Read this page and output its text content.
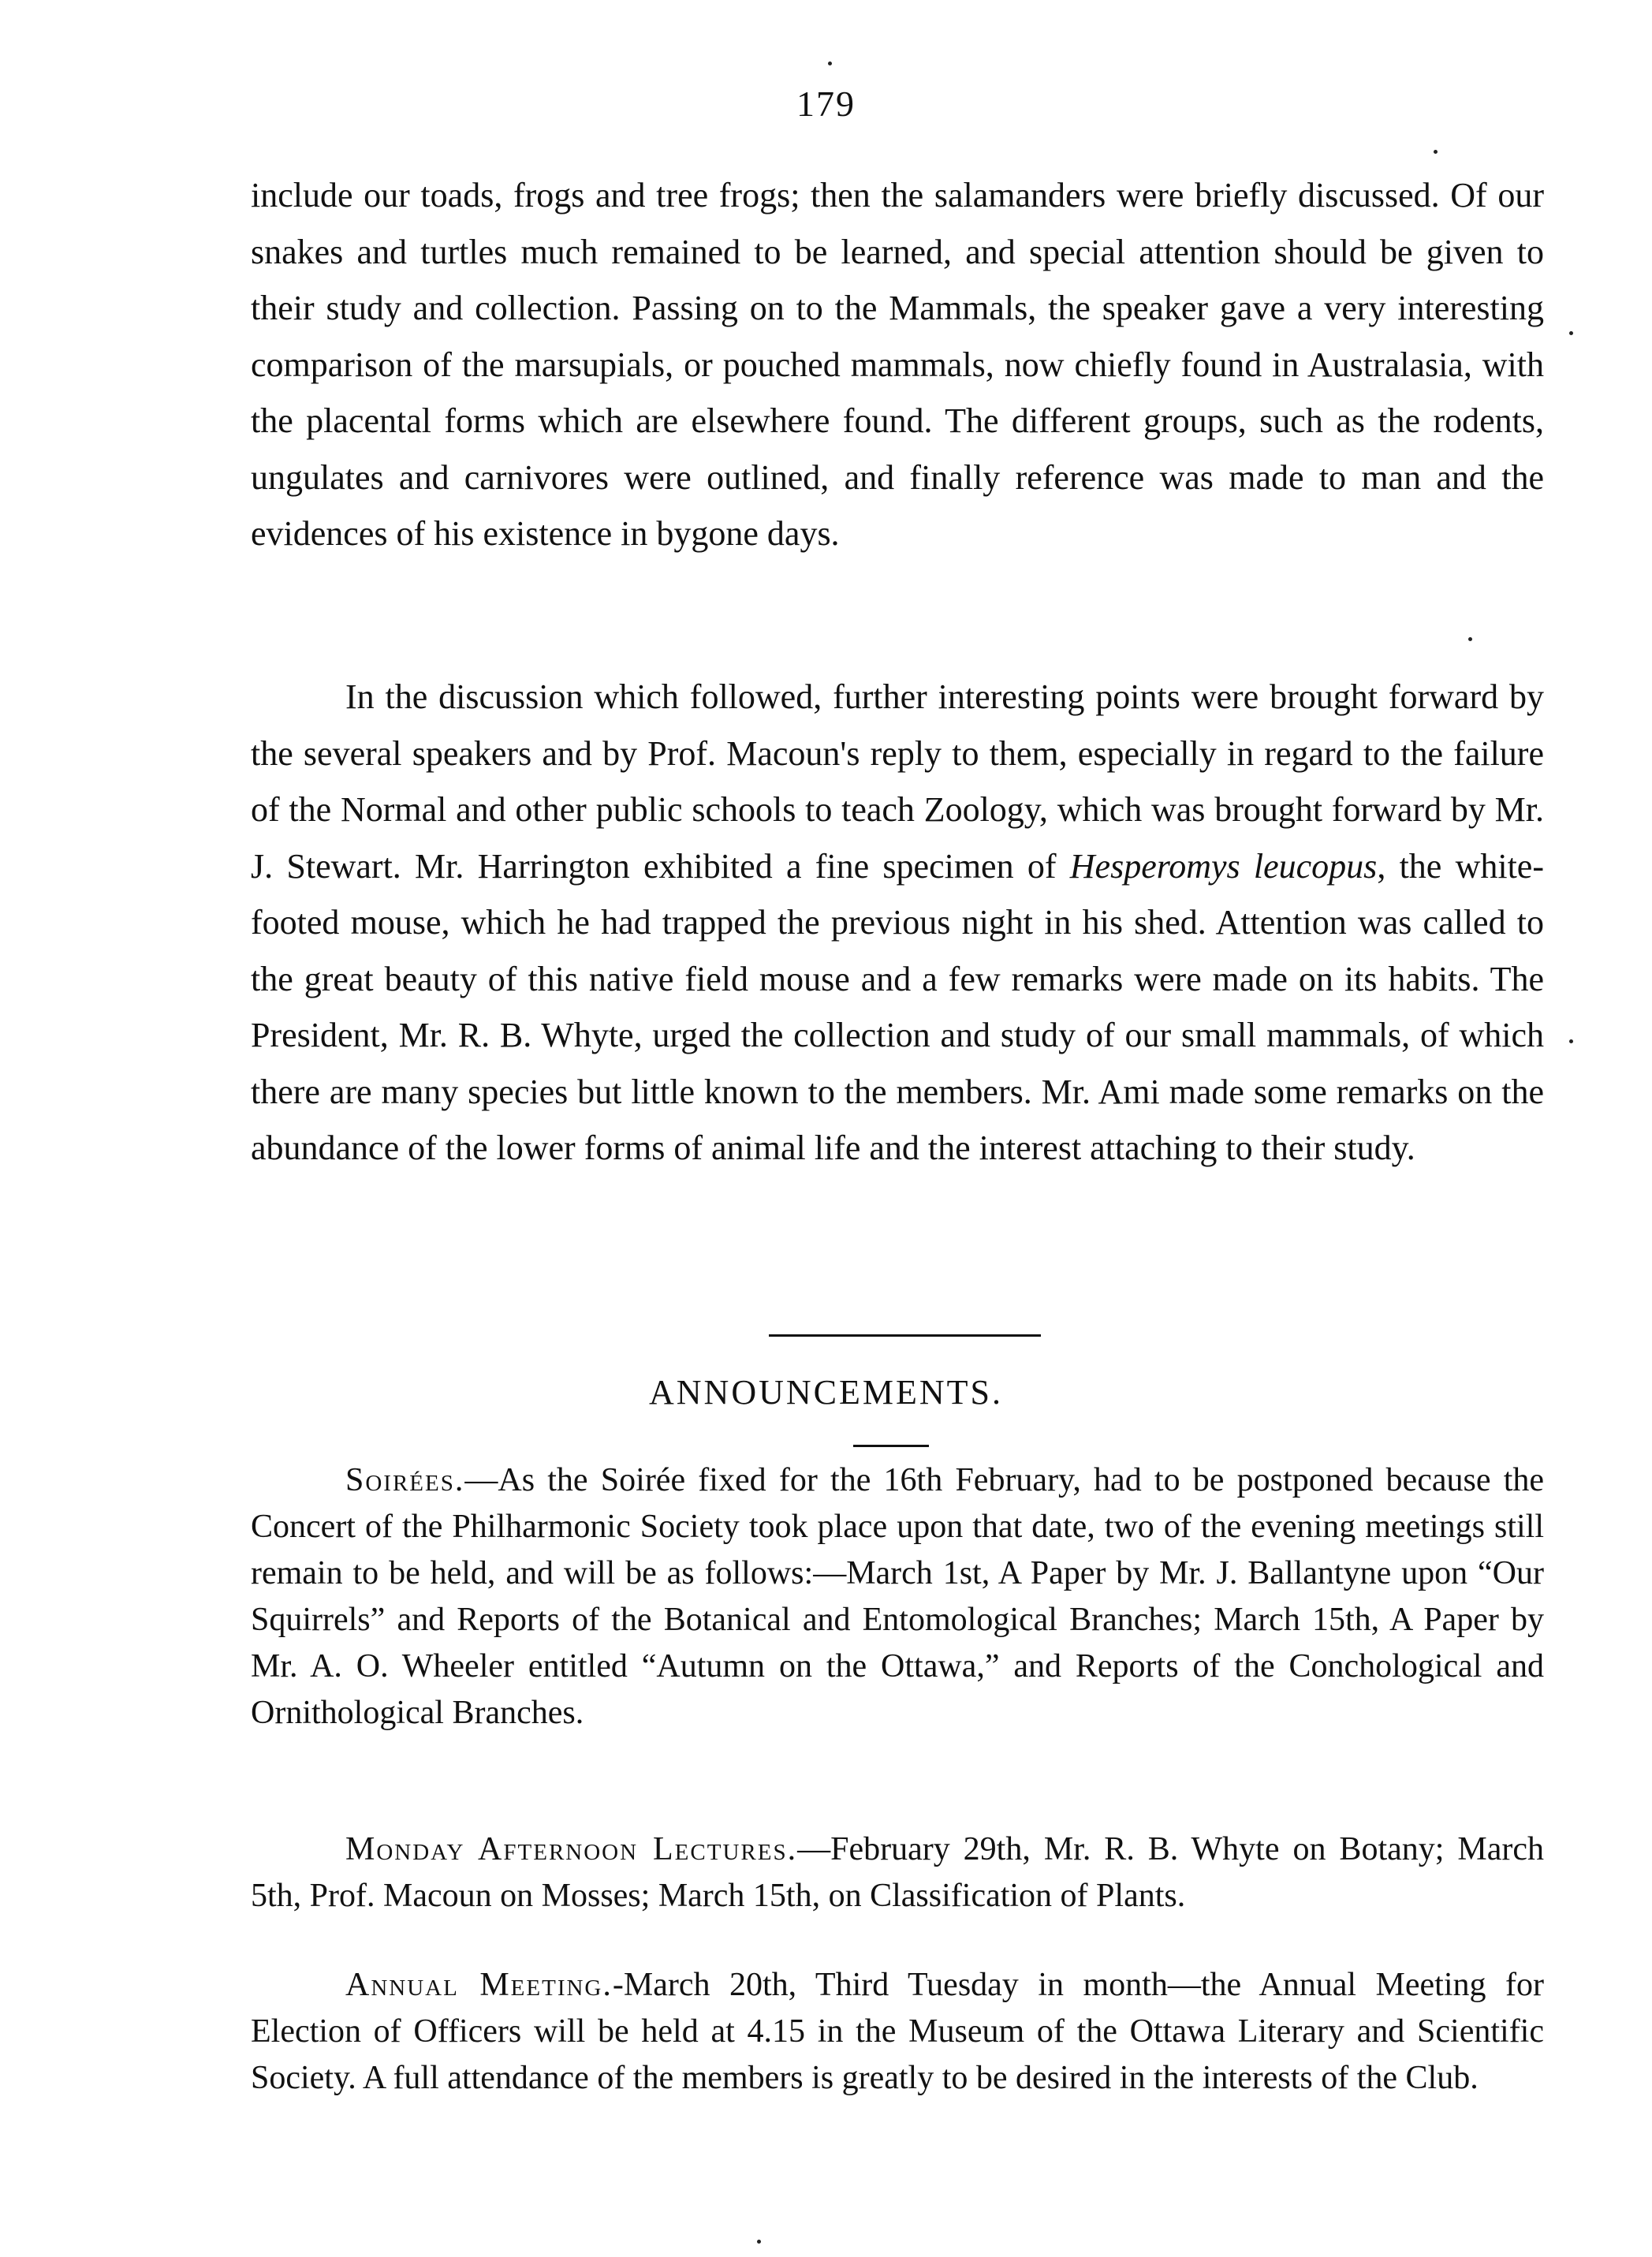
179

include our toads, frogs and tree frogs; then the salamanders were briefly discussed. Of our snakes and turtles much remained to be learned, and special attention should be given to their study and collection. Passing on to the Mammals, the speaker gave a very interesting comparison of the marsupials, or pouched mammals, now chiefly found in Australasia, with the placental forms which are elsewhere found. The different groups, such as the rodents, ungulates and carnivores were outlined, and finally reference was made to man and the evidences of his existence in bygone days.

In the discussion which followed, further interesting points were brought forward by the several speakers and by Prof. Macoun's reply to them, especially in regard to the failure of the Normal and other public schools to teach Zoology, which was brought forward by Mr. J. Stewart. Mr. Harrington exhibited a fine specimen of Hesperomys leucopus, the white-footed mouse, which he had trapped the previous night in his shed. Attention was called to the great beauty of this native field mouse and a few remarks were made on its habits. The President, Mr. R. B. Whyte, urged the collection and study of our small mammals, of which there are many species but little known to the members. Mr. Ami made some remarks on the abundance of the lower forms of animal life and the interest attaching to their study.

ANNOUNCEMENTS.

Soirées.—As the Soirée fixed for the 16th February, had to be postponed because the Concert of the Philharmonic Society took place upon that date, two of the evening meetings still remain to be held, and will be as follows:—March 1st, A Paper by Mr. J. Ballantyne upon “Our Squirrels” and Reports of the Botanical and Entomological Branches; March 15th, A Paper by Mr. A. O. Wheeler entitled “Autumn on the Ottawa,” and Reports of the Conchological and Ornithological Branches.

Monday Afternoon Lectures.—February 29th, Mr. R. B. Whyte on Botany; March 5th, Prof. Macoun on Mosses; March 15th, on Classification of Plants.

Annual Meeting.-March 20th, Third Tuesday in month—the Annual Meeting for Election of Officers will be held at 4.15 in the Museum of the Ottawa Literary and Scientific Society. A full attendance of the members is greatly to be desired in the interests of the Club.
